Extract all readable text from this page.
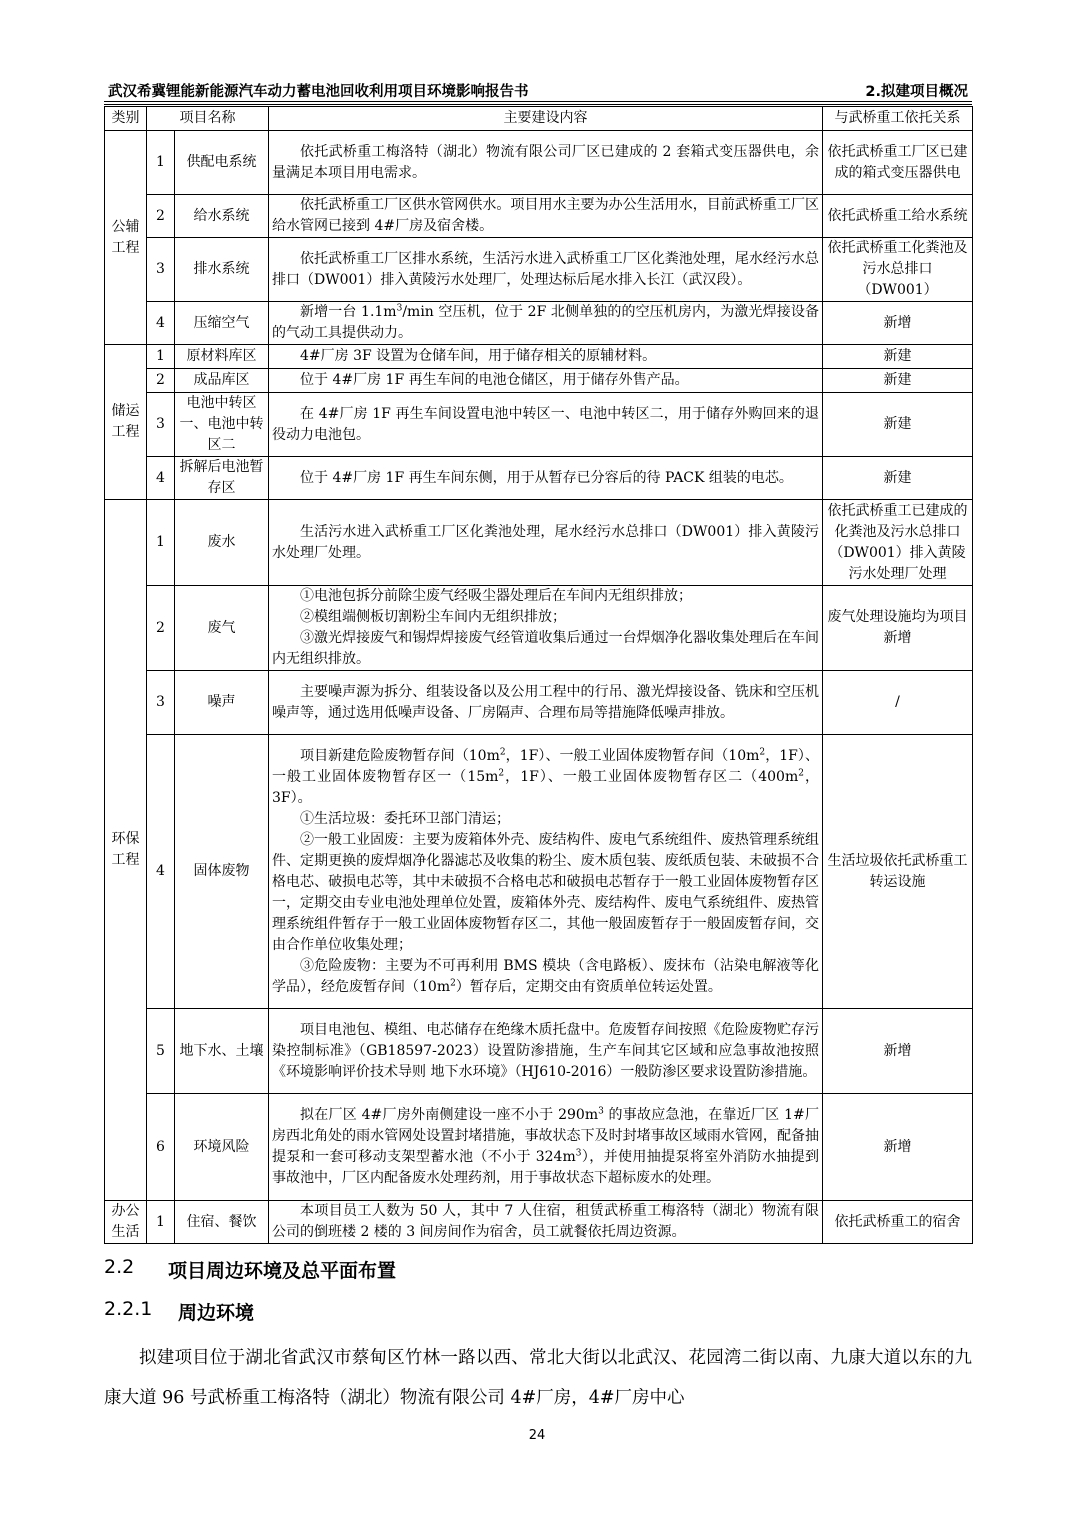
武汉希冀锂能新能源汽车动力蓄电池回收利用项目环境影响报告书	2.拟建项目概况
类别	项目名称		主要建设内容	与武桥重工依托关系
公辅工程	1	供配电系统	依托武桥重工梅洛特（湖北）物流有限公司厂区已建成的 2 套箱式变压器供电，余量满足本项目用电需求。	依托武桥重工厂区已建成的箱式变压器供电
	2	给水系统	依托武桥重工厂区供水管网供水。项目用水主要为办公生活用水，目前武桥重工厂区给水管网已接到 4#厂房及宿舍楼。	依托武桥重工给水系统
	3	排水系统	依托武桥重工厂区排水系统，生活污水进入武桥重工厂区化粪池处理，尾水经污水总排口（DW001）排入黄陵污水处理厂，处理达标后尾水排入长江（武汉段）。	依托武桥重工化粪池及污水总排口（DW001）
	4	压缩空气	新增一台 $1.1m^3/\min$ 空压机，位于 2F 北侧单独的的空压机房内，为激光焊接设备的气动工具提供动力。	新增
储运工程	1	原材料库区	4#厂房 3F 设置为仓储车间，用于储存相关的原辅材料。	新建
	2	成品库区	位于 4#厂房 1F 再生车间的电池仓储区，用于储存外售产品。	新建
	3	电池中转区一、电池中转区二	在 4#厂房 1F 再生车间设置电池中转区一、电池中转区二，用于储存外购回来的退役动力电池包。	新建
	4	拆解后电池暂存区	位于 4#厂房 1F 再生车间东侧，用于从暂存已分容后的待 PACK 组装的电芯。	新建
环保工程	1	废水	生活污水进入武桥重工厂区化粪池处理，尾水经污水总排口（DW001）排入黄陵污水处理厂处理。	依托武桥重工已建成的化粪池及污水总排口（DW001）排入黄陵污水处理厂处理
	2	废气	①电池包拆分前除尘废气经吸尘器处理后在车间内无组织排放；

②模组端侧板切割粉尘车间内无组织排放；

③激光焊接废气和锡焊焊接废气经管道收集后通过一台焊烟净化器收集处理后在车间内无组织排放。	废气处理设施均为项目新增
	3	噪声	主要噪声源为拆分、组装设备以及公用工程中的行吊、激光焊接设备、铣床和空压机噪声等，通过选用低噪声设备、厂房隔声、合理布局等措施降低噪声排放。	/
	4	固体废物	项目新建危险废物暂存间（$10m^2$，1F）、一般工业固体废物暂存间（$10m^2$，1F）、一般工业固体废物暂存区一（$15m^2$，1F）、一般工业固体废物暂存区二（$400m^2$，3F）。

①生活垃圾：委托环卫部门清运；

②一般工业固废：主要为废箱体外壳、废结构件、废电气系统组件、废热管理系统组件、定期更换的废焊烟净化器滤芯及收集的粉尘、废木质包装、废纸质包装、未破损不合格电芯、破损电芯等，其中未破损不合格电芯和破损电芯暂存于一般工业固体废物暂存区一，定期交由专业电池处理单位处置，废箱体外壳、废结构件、废电气系统组件、废热管理系统组件暂存于一般工业固体废物暂存区二，其他一般固废暂存于一般固废暂存间，交由合作单位收集处理；

③危险废物：主要为不可再利用 BMS 模块（含电路板）、废抹布（沾染电解液等化学品），经危废暂存间$(10m^2)$暂存后，定期交由有资质单位转运处置。	生活垃圾依托武桥重工转运设施
	5	地下水、土壤	项目电池包、模组、电芯储存在绝缘木质托盘中。危废暂存间按照《危险废物贮存污染控制标准》（GB18597-2023）设置防渗措施，生产车间其它区域和应急事故池按照《环境影响评价技术导则 地下水环境》（HJ610-2016）一般防渗区要求设置防渗措施。	新增
	6	环境风险	拟在厂区 4#厂房外南侧建设一座不小于 $290m^3$ 的事故应急池，在靠近厂区 1#厂房西北角处的雨水管网处设置封堵措施，事故状态下及时封堵事故区域雨水管网，配备抽提泵和一套可移动支架型蓄水池（不小于 $324m^3$），并使用抽提泵将室外消防水抽提到事故池中，厂区内配备废水处理药剂，用于事故状态下超标废水的处理。	新增
办公生活	1	住宿、餐饮	本项目员工人数为 50 人，其中 7 人住宿，租赁武桥重工梅洛特（湖北）物流有限公司的倒班楼 2 楼的 3 间房间作为宿舍，员工就餐依托周边资源。	依托武桥重工的宿舍
2.2 项目周边环境及总平面布置
2.2.1 周边环境
拟建项目位于湖北省武汉市蔡甸区竹林一路以西、常北大街以北武汉、花园湾二街以南、九康大道以东的九康大道 96 号武桥重工梅洛特（湖北）物流有限公司 4#厂房，4#厂房中心
24
